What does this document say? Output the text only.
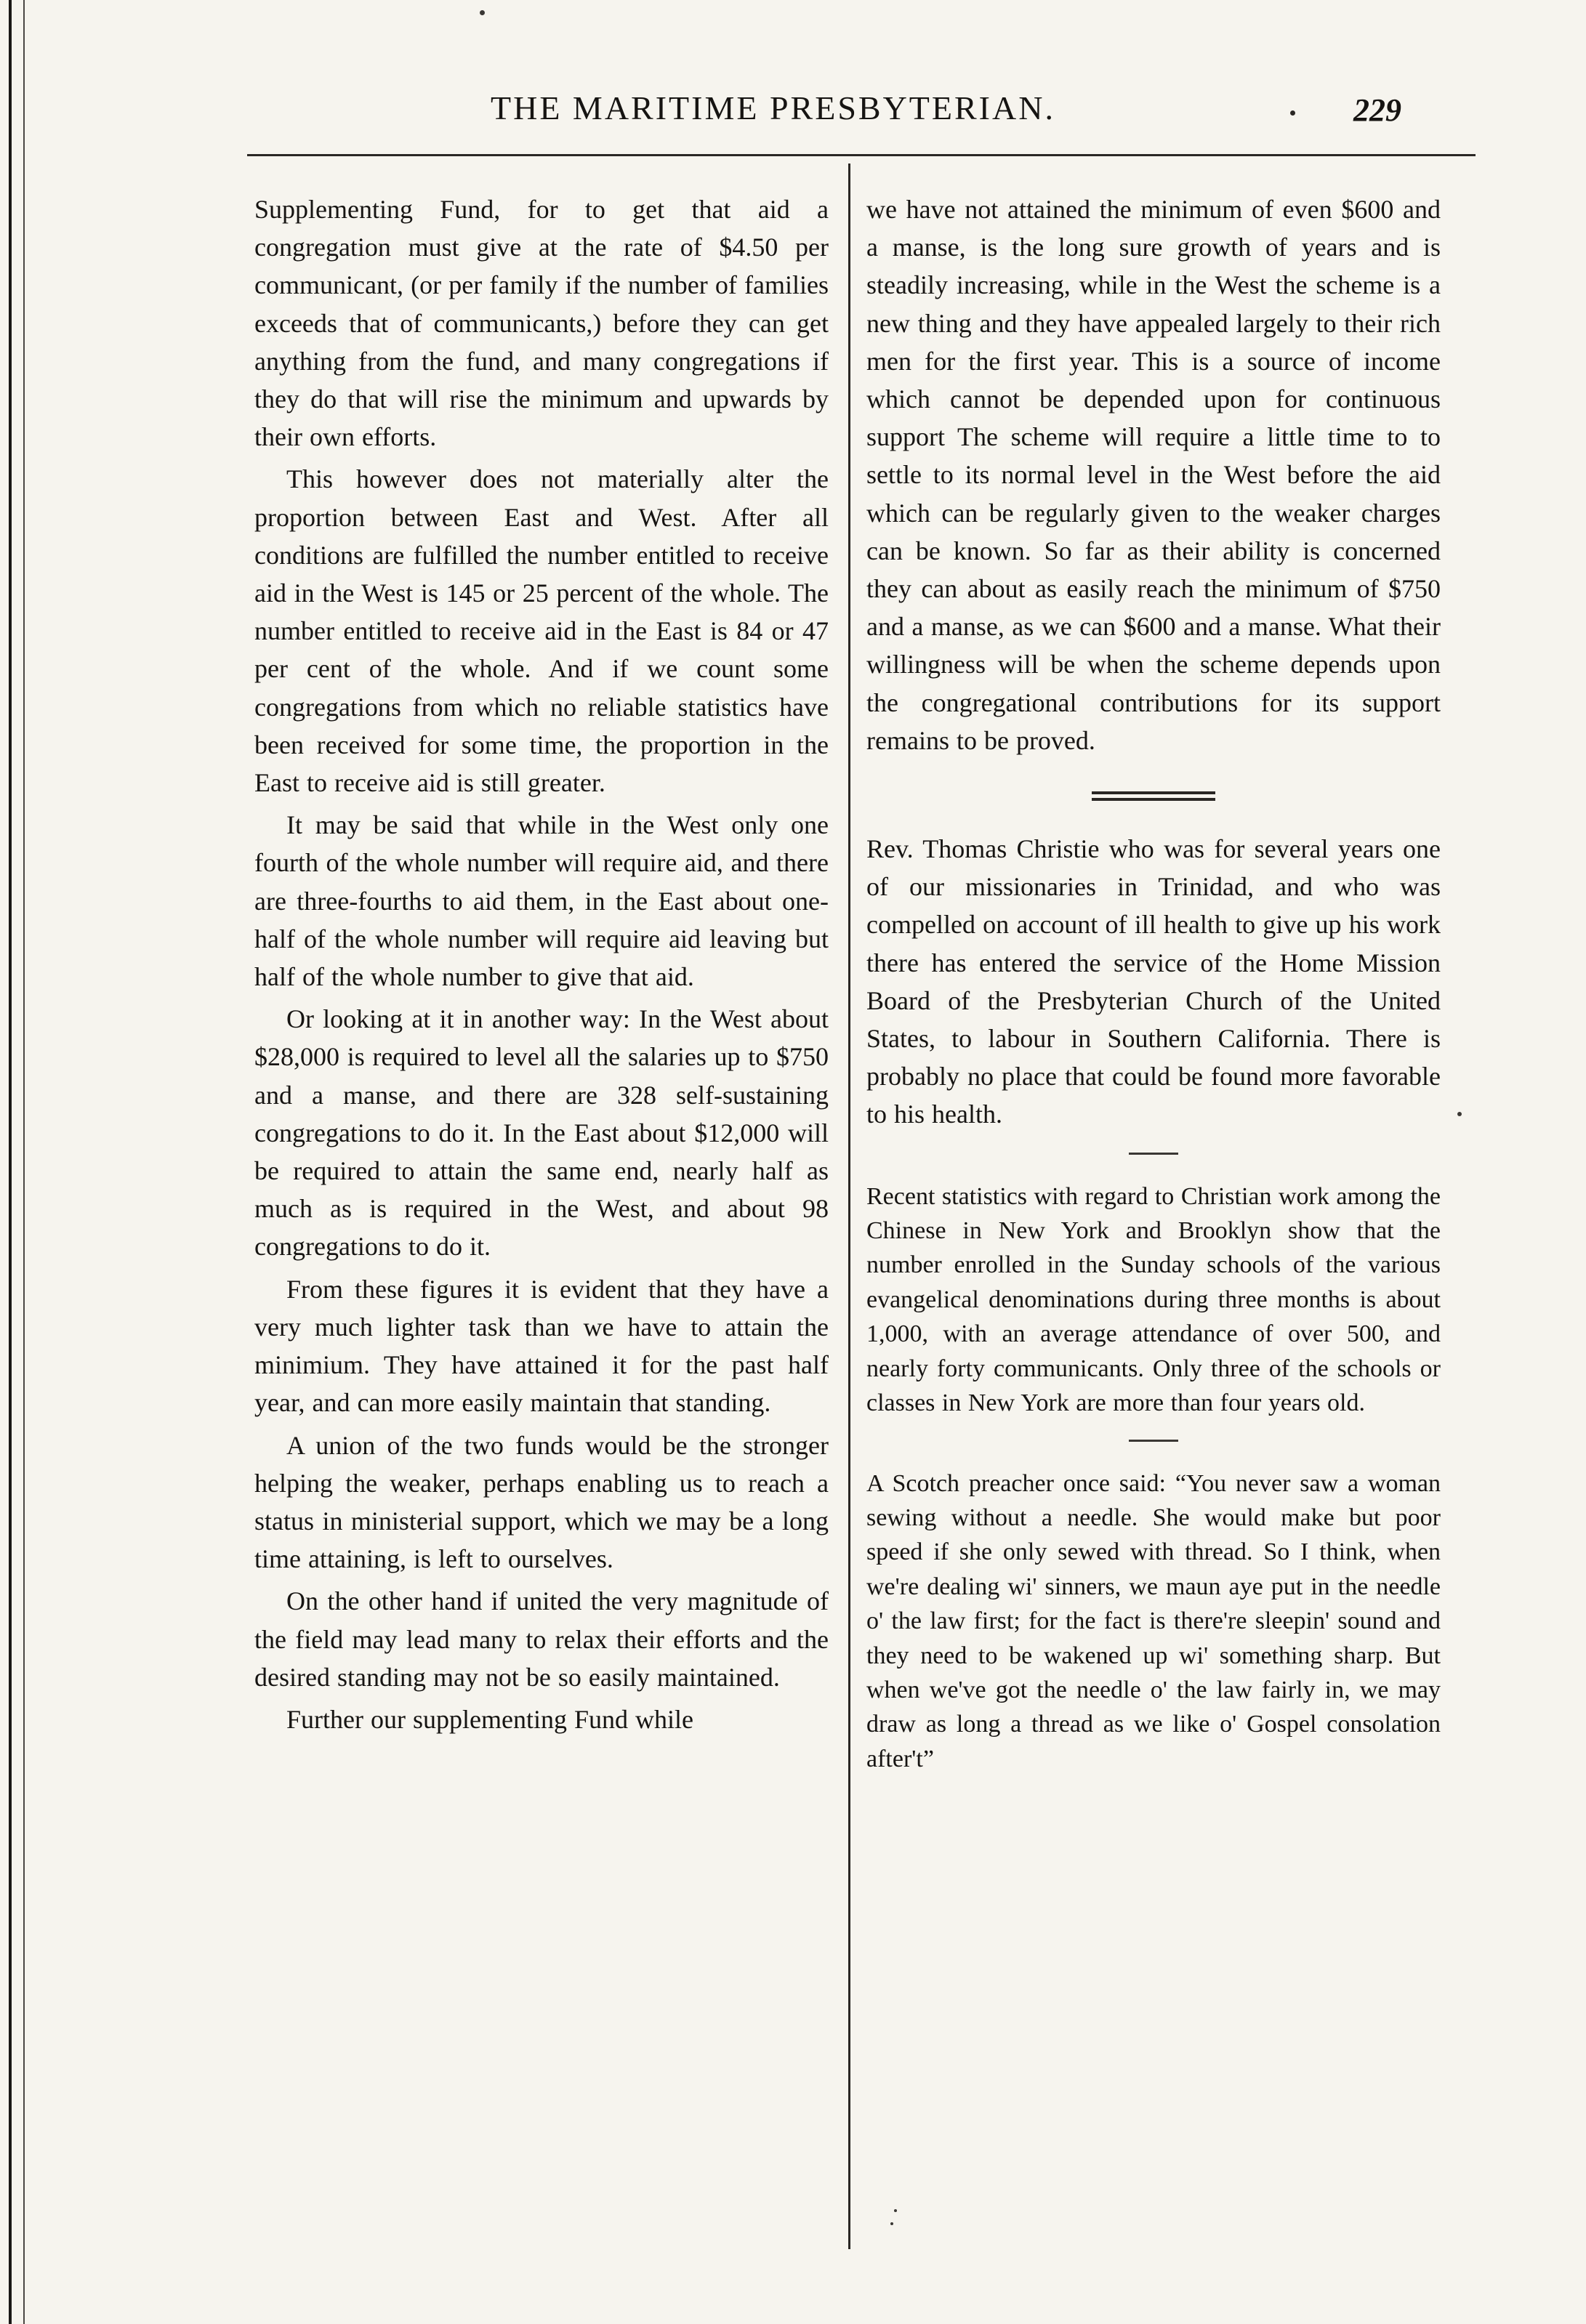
THE MARITIME PRESBYTERIAN.	229

Supplementing Fund, for to get that aid a congregation must give at the rate of $4.50 per communicant, (or per family if the number of families exceeds that of communicants,) before they can get anything from the fund, and many congregations if they do that will rise the minimum and upwards by their own efforts.

This however does not materially alter the proportion between East and West. After all conditions are fulfilled the number entitled to receive aid in the West is 145 or 25 percent of the whole. The number entitled to receive aid in the East is 84 or 47 per cent of the whole. And if we count some congregations from which no reliable statistics have been received for some time, the proportion in the East to receive aid is still greater.

It may be said that while in the West only one fourth of the whole number will require aid, and there are three-fourths to aid them, in the East about one-half of the whole number will require aid leaving but half of the whole number to give that aid.

Or looking at it in another way: In the West about $28,000 is required to level all the salaries up to $750 and a manse, and there are 328 self-sustaining congregations to do it. In the East about $12,000 will be required to attain the same end, nearly half as much as is required in the West, and about 98 congregations to do it.

From these figures it is evident that they have a very much lighter task than we have to attain the minimium. They have attained it for the past half year, and can more easily maintain that standing.

A union of the two funds would be the stronger helping the weaker, perhaps enabling us to reach a status in ministerial support, which we may be a long time attaining, is left to ourselves.

On the other hand if united the very magnitude of the field may lead many to relax their efforts and the desired standing may not be so easily maintained.

Further our supplementing Fund while

we have not attained the minimum of even $600 and a manse, is the long sure growth of years and is steadily increasing, while in the West the scheme is a new thing and they have appealed largely to their rich men for the first year. This is a source of income which cannot be depended upon for continuous support The scheme will require a little time to to settle to its normal level in the West before the aid which can be regularly given to the weaker charges can be known. So far as their ability is concerned they can about as easily reach the minimum of $750 and a manse, as we can $600 and a manse. What their willingness will be when the scheme depends upon the congregational contributions for its support remains to be proved.

Rev. Thomas Christie who was for several years one of our missionaries in Trinidad, and who was compelled on account of ill health to give up his work there has entered the service of the Home Mission Board of the Presbyterian Church of the United States, to labour in Southern California. There is probably no place that could be found more favorable to his health.

Recent statistics with regard to Christian work among the Chinese in New York and Brooklyn show that the number enrolled in the Sunday schools of the various evangelical denominations during three months is about 1,000, with an average attendance of over 500, and nearly forty communicants. Only three of the schools or classes in New York are more than four years old.

A Scotch preacher once said: “You never saw a woman sewing without a needle. She would make but poor speed if she only sewed with thread. So I think, when we're dealing wi' sinners, we maun aye put in the needle o' the law first; for the fact is there're sleepin' sound and they need to be wakened up wi' something sharp. But when we've got the needle o' the law fairly in, we may draw as long a thread as we like o' Gospel consolation after't”
